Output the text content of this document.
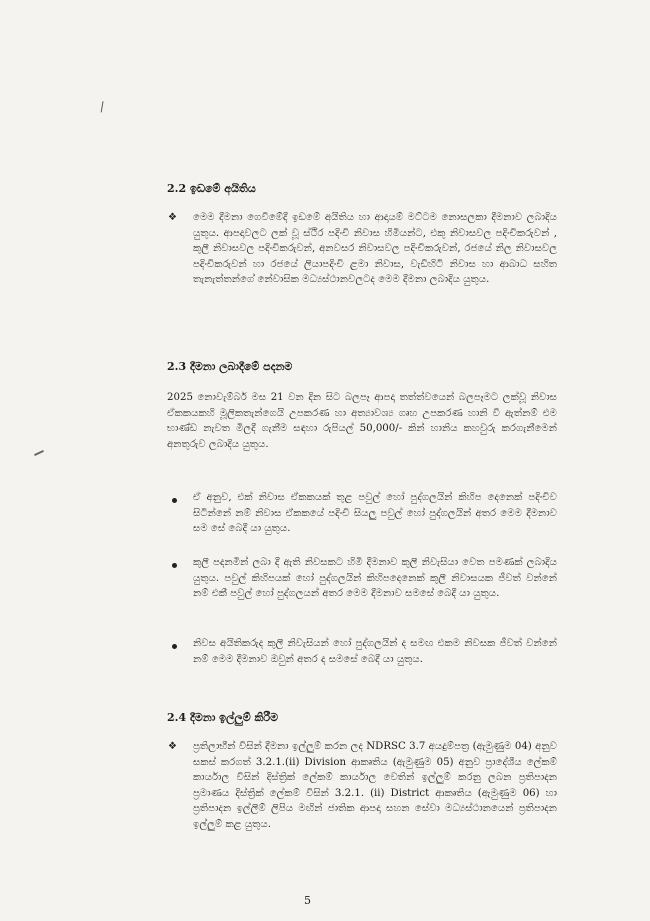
/
2.2 ඉඩමේ අයිතිය
❖ මෙම දීමනා ගෙවීමේදී ඉඩමේ අයිතිය හා ආදායම් මට්ටම නොසලකා දීමනාව ලබාදිය යුතුය. ආපදාවලට ලක් වූ ස්ථිර පදිංචි නිවාස හිමියන්ට, එකු නිවාසවල පදිංචිකරුවන් , කුලී නිවාසවල පදිංචිකරුවන්, අනවසර නිවාසවල පදිංචිකරුවන්, රජයේ නිල නිවාසවල පදිංචිකරුවන් හා රජයේ ලියාපදිංචි ළමා නිවාස, වැඩිහිටි නිවාස හා ආබාධ සහිත තැනැත්තන්ගේ නේවාසික මධ්‍යස්ථානවලටද මෙම දීමනා ලබාදිය යුතුය.

2.3 දීමනා ලබාදීමේ පදනම

2025 නොවැම්බර් මස 21 වන දින සිට බලපෑ ආපදා තත්ත්වයෙන් බලපෑමට ලක්වූ නිවාස ඒකකයකහි මූලිකතැන්ගෙයි උපකරණ හා අත්‍යාවශ්‍ය ගෘහ උපකරණ හානි වී ඇත්නම් එම භාණ්ඩ නැවත මිලදී ගැනීම සඳහා රුපියල් 50,000/- කින් හානිය කහවුරු කරගැනීමෙන් අනතුරුව ලබාදිය යුතුය.

ඒ අනුව, එක් නිවාස ඒකකයක් තුළ පවුල් හෝ පුද්ගලයින් කිහිප දෙනෙක් පදිංචිව සිටින්නේ නම් නිවාස ඒකකයේ පදිංචි සියලු පවුල් හෝ පුද්ගලයින් අතර මෙම දීමනාව සම සේ බෙදී යා යුතුය.

කුලී පදනමින් ලබා දී ඇති නිවසකට හිමි දීමනාව කුලී නිවැසියා වෙත පමණක් ලබාදිය යුතුය. පවුල් කිහිපයක් හෝ පුද්ගලයින් කිහිපදෙනෙක් කුලී නිවාසයක ජීවත් වන්නේ නම් එකී පවුල් හෝ පුද්ගලයන් අතර මෙම දීමනාව සමසේ බෙදී යා යුතුය.

නිවස අයිතිකරුද කුලී නිවැසියන් හෝ පුද්ගලයින් ද සමඟ එකම නිවසක ජීවත් වන්නේ නම් මෙම දීමනාව ඔවුන් අතර ද සමසේ බෙදී යා යුතුය.

2.4 දීමනා ඉල්ලුම් කිරීම
❖ ප්‍රතිලාභීන් විසින් දීමනා ඉල්ලුම් කරන ලද NDRSC 3.7 අයදුම්පත්‍ර (ඇමුණුම 04) අනුව සකස් කරගත් 3.2.1.(ii) Division ආකෘතිය (ඇමුණුම 05) අනුව ප්‍රාදේශීය ලේකම් කාර්යාල විසින් දිස්ත්‍රික් ලේකම් කාර්යාල වෙතින් ඉල්ලුම් කරනු ලබන ප්‍රතිපාදන ප්‍රමාණය දිස්ත්‍රික් ලේකම් විසින් 3.2.1. (ii) District ආකෘතිය (ඇමුණුම 06) හා ප්‍රතිපාදන ඉල්ලීම් ලිපිය මඟින් ජාතික ආපදා සහන සේවා මධ්‍යස්ථානයෙන් ප්‍රතිපාදන ඉල්ලුම් කළ යුතුය.

5
